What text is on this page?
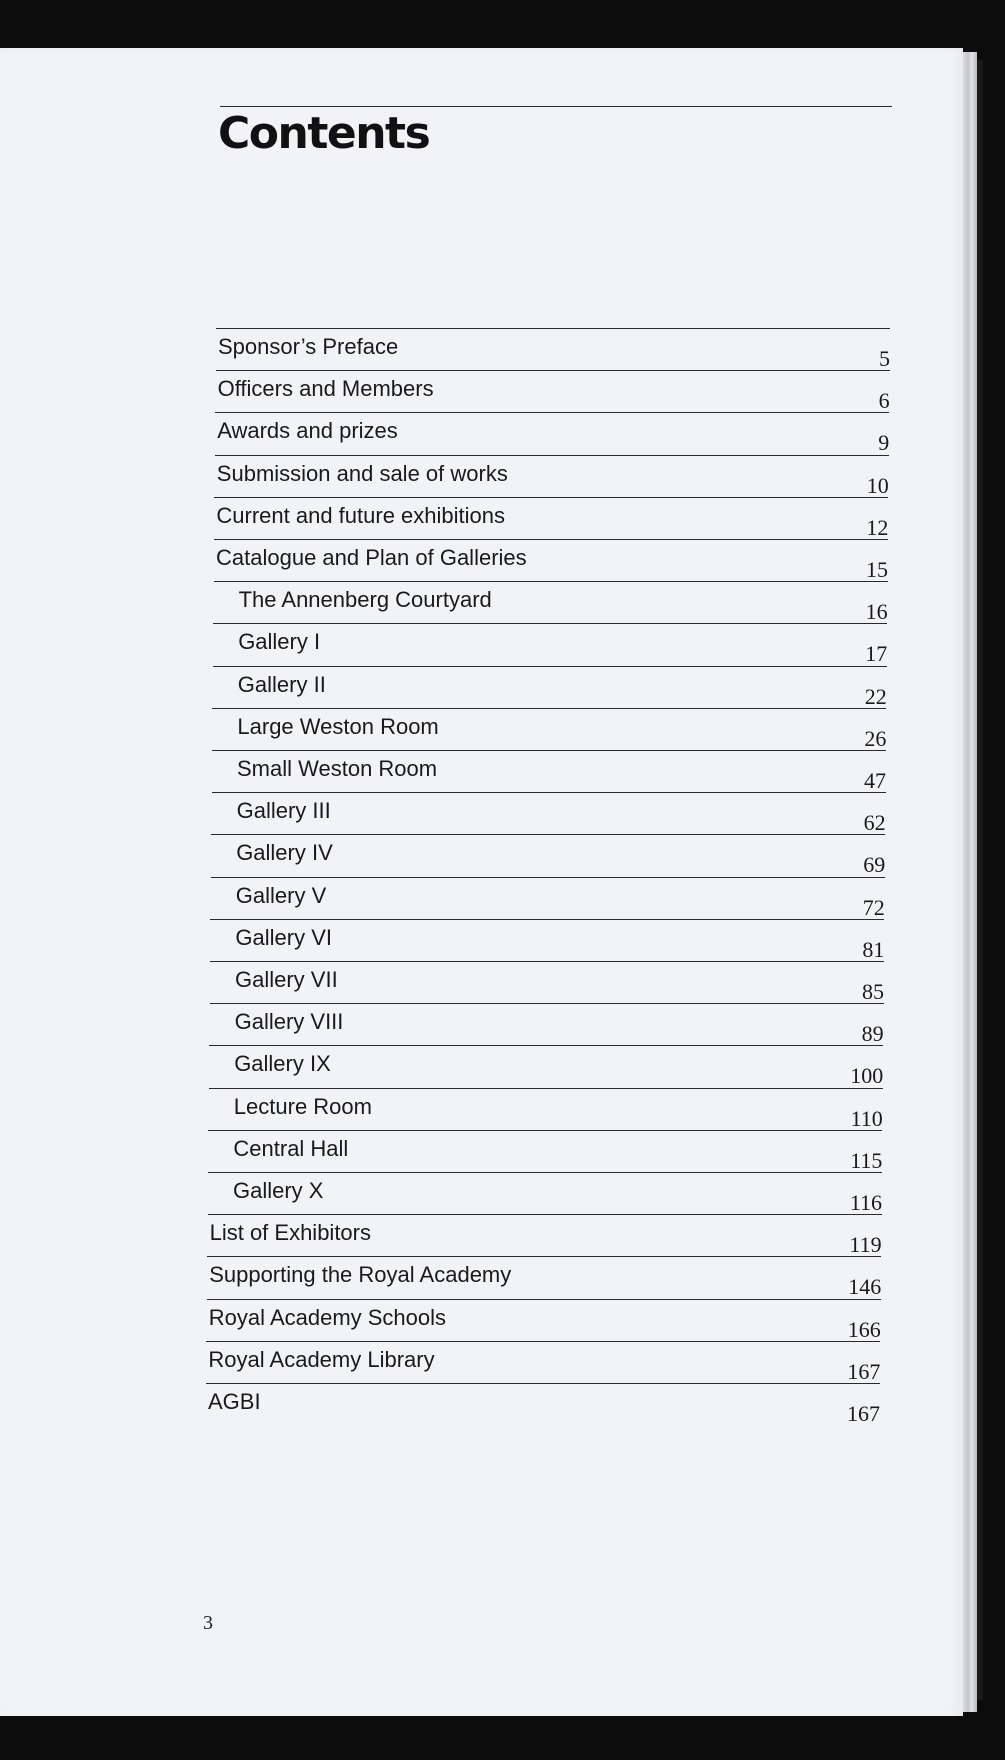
Contents
Sponsor’s Preface	5
Officers and Members	6
Awards and prizes	9
Submission and sale of works	10
Current and future exhibitions	12
Catalogue and Plan of Galleries	15
The Annenberg Courtyard	16
Gallery I	17
Gallery II	22
Large Weston Room	26
Small Weston Room	47
Gallery III	62
Gallery IV	69
Gallery V	72
Gallery VI	81
Gallery VII	85
Gallery VIII	89
Gallery IX	100
Lecture Room	110
Central Hall	115
Gallery X	116
List of Exhibitors	119
Supporting the Royal Academy	146
Royal Academy Schools	166
Royal Academy Library	167
AGBI	167
3
